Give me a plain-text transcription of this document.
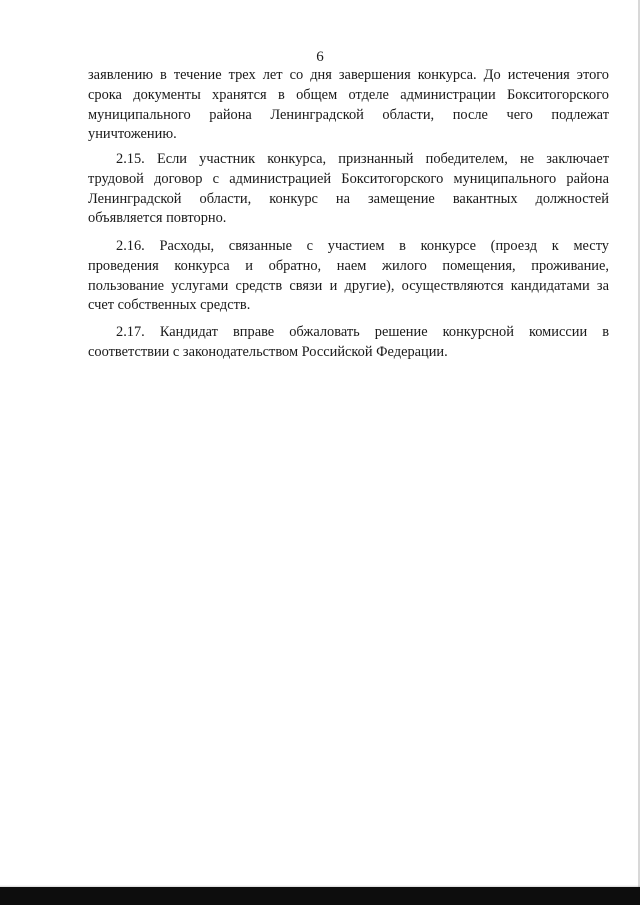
6
заявлению в течение трех лет со дня завершения конкурса. До истечения этого
срока документы хранятся в общем отделе администрации Бокситогорского
муниципального района Ленинградской области, после чего подлежат
уничтожению.
2.15. Если участник конкурса, признанный победителем, не заключает
трудовой договор с администрацией Бокситогорского муниципального района
Ленинградской области, конкурс на замещение вакантных должностей
объявляется повторно.
2.16. Расходы, связанные с участием в конкурсе (проезд к месту
проведения конкурса и обратно, наем жилого помещения, проживание,
пользование услугами средств связи и другие), осуществляются кандидатами за
счет собственных средств.
2.17. Кандидат вправе обжаловать решение конкурсной комиссии в
соответствии с законодательством Российской Федерации.
